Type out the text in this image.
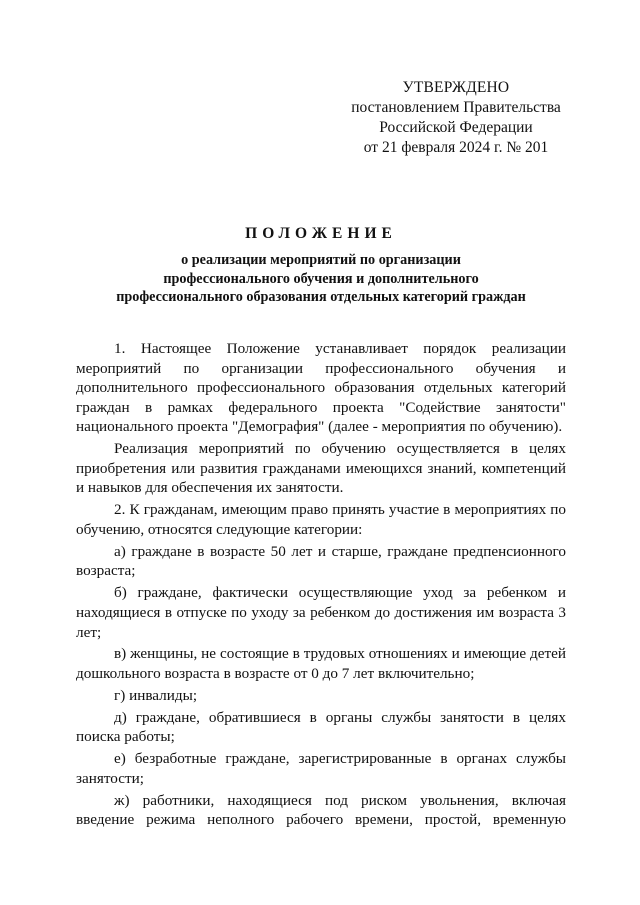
УТВЕРЖДЕНО
постановлением Правительства
Российской Федерации
от 21 февраля 2024 г. № 201
ПОЛОЖЕНИЕ
о реализации мероприятий по организации
профессионального обучения и дополнительного
профессионального образования отдельных категорий граждан

1. Настоящее Положение устанавливает порядок реализации мероприятий по организации профессионального обучения и дополнительного профессионального образования отдельных категорий граждан в рамках федерального проекта "Содействие занятости" национального проекта "Демография" (далее - мероприятия по обучению).

Реализация мероприятий по обучению осуществляется в целях приобретения или развития гражданами имеющихся знаний, компетенций и навыков для обеспечения их занятости.

2. К гражданам, имеющим право принять участие в мероприятиях по обучению, относятся следующие категории:

а) граждане в возрасте 50 лет и старше, граждане предпенсионного возраста;

б) граждане, фактически осуществляющие уход за ребенком и находящиеся в отпуске по уходу за ребенком до достижения им возраста 3 лет;

в) женщины, не состоящие в трудовых отношениях и имеющие детей дошкольного возраста в возрасте от 0 до 7 лет включительно;

г) инвалиды;

д) граждане, обратившиеся в органы службы занятости в целях поиска работы;

е) безработные граждане, зарегистрированные в органах службы занятости;

ж) работники, находящиеся под риском увольнения, включая введение режима неполного рабочего времени, простой, временную
